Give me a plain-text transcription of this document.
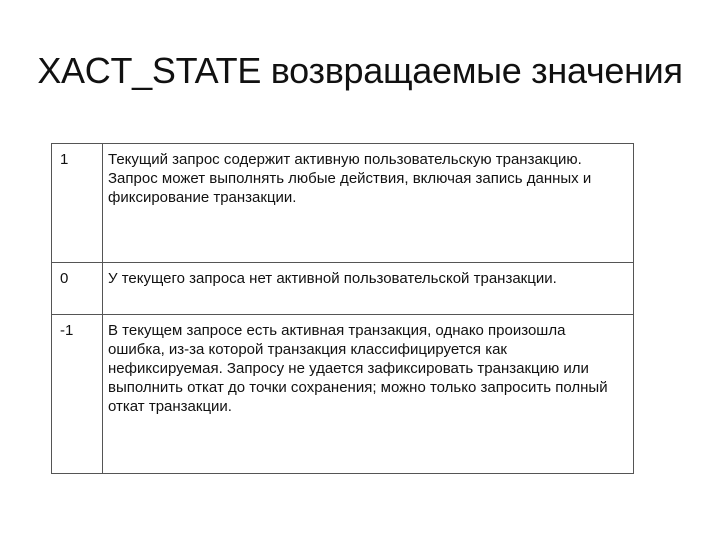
XACT_STATE возвращаемые значения
1	Текущий запрос содержит активную пользовательскую транзакцию. Запрос может выполнять любые действия, включая запись данных и фиксирование транзакции.
0	У текущего запроса нет активной пользовательской транзакции.
-1	В текущем запросе есть активная транзакция, однако произошла ошибка, из-за которой транзакция классифицируется как нефиксируемая. Запросу не удается зафиксировать транзакцию или выполнить откат до точки сохранения; можно только запросить полный откат транзакции.
